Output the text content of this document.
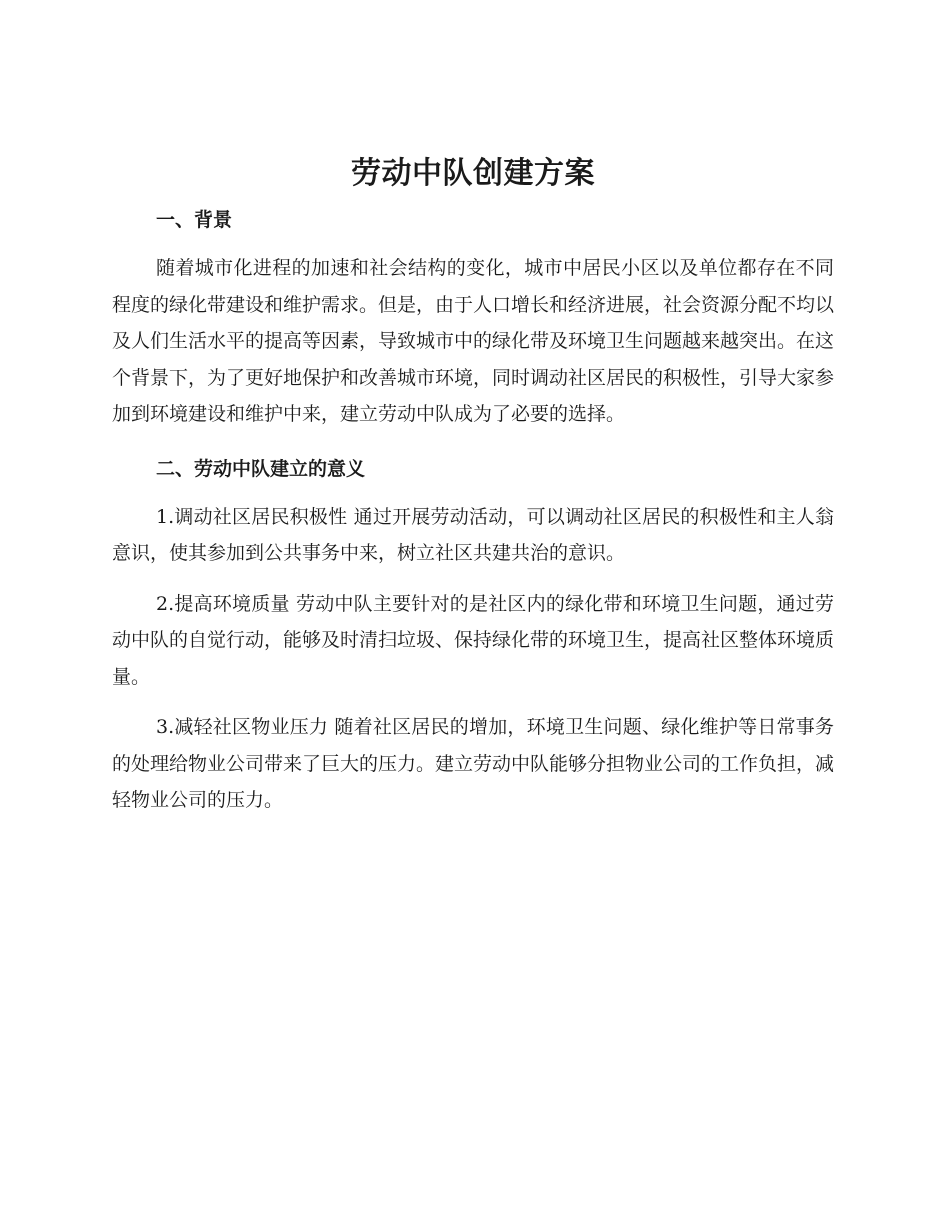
劳动中队创建方案
一、背景

随着城市化进程的加速和社会结构的变化，城市中居民小区以及单位都存在不同程度的绿化带建设和维护需求。但是，由于人口增长和经济进展，社会资源分配不均以及人们生活水平的提高等因素，导致城市中的绿化带及环境卫生问题越来越突出。在这个背景下，为了更好地保护和改善城市环境，同时调动社区居民的积极性，引导大家参加到环境建设和维护中来，建立劳动中队成为了必要的选择。

二、劳动中队建立的意义

1.调动社区居民积极性 通过开展劳动活动，可以调动社区居民的积极性和主人翁意识，使其参加到公共事务中来，树立社区共建共治的意识。

2.提高环境质量 劳动中队主要针对的是社区内的绿化带和环境卫生问题，通过劳动中队的自觉行动，能够及时清扫垃圾、保持绿化带的环境卫生，提高社区整体环境质量。

3.减轻社区物业压力 随着社区居民的增加，环境卫生问题、绿化维护等日常事务的处理给物业公司带来了巨大的压力。建立劳动中队能够分担物业公司的工作负担，减轻物业公司的压力。
